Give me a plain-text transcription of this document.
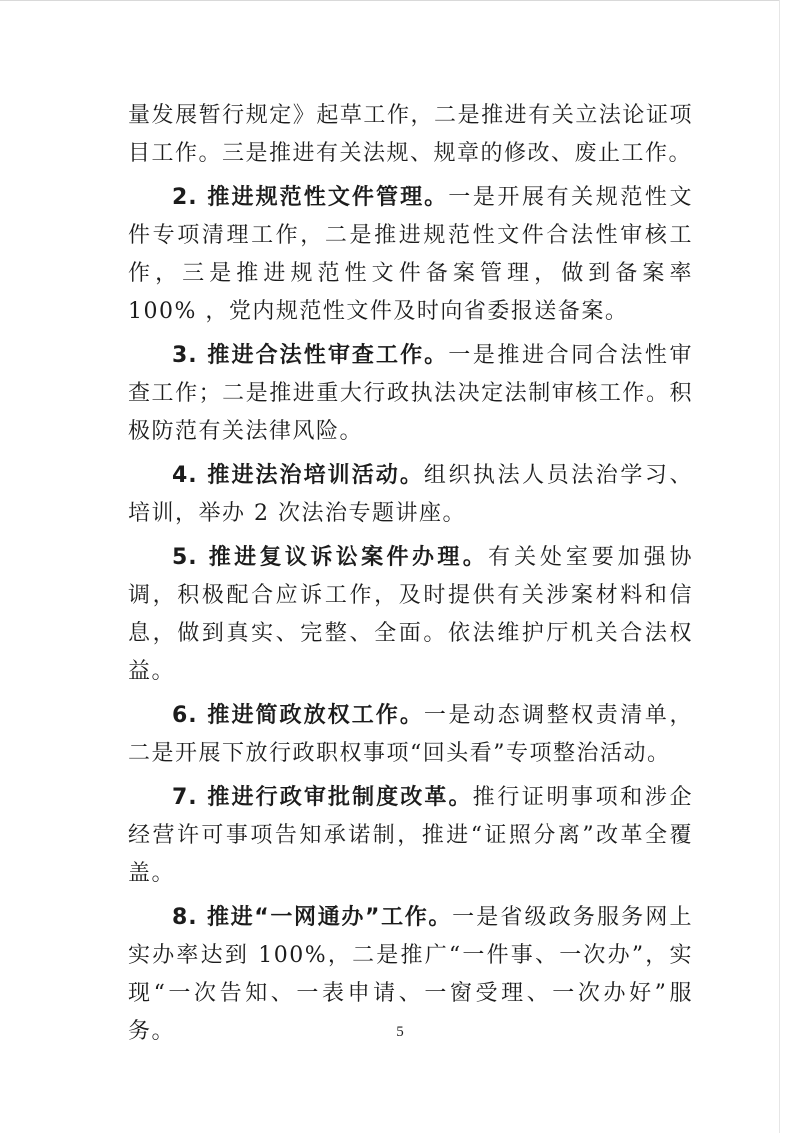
量发展暂行规定》起草工作，二是推进有关立法论证项目工作。三是推进有关法规、规章的修改、废止工作。

2. 推进规范性文件管理。一是开展有关规范性文件专项清理工作，二是推进规范性文件合法性审核工作，三是推进规范性文件备案管理，做到备案率 100% ，党内规范性文件及时向省委报送备案。

3. 推进合法性审查工作。一是推进合同合法性审查工作；二是推进重大行政执法决定法制审核工作。积极防范有关法律风险。

4. 推进法治培训活动。组织执法人员法治学习、培训，举办 2 次法治专题讲座。

5. 推进复议诉讼案件办理。有关处室要加强协调，积极配合应诉工作，及时提供有关涉案材料和信息，做到真实、完整、全面。依法维护厅机关合法权益。

6. 推进简政放权工作。一是动态调整权责清单，二是开展下放行政职权事项“回头看”专项整治活动。

7. 推进行政审批制度改革。推行证明事项和涉企经营许可事项告知承诺制，推进“证照分离”改革全覆盖。

8. 推进“一网通办”工作。一是省级政务服务网上实办率达到 100%，二是推广“一件事、一次办”，实现“一次告知、一表申请、一窗受理、一次办好”服务。	5
